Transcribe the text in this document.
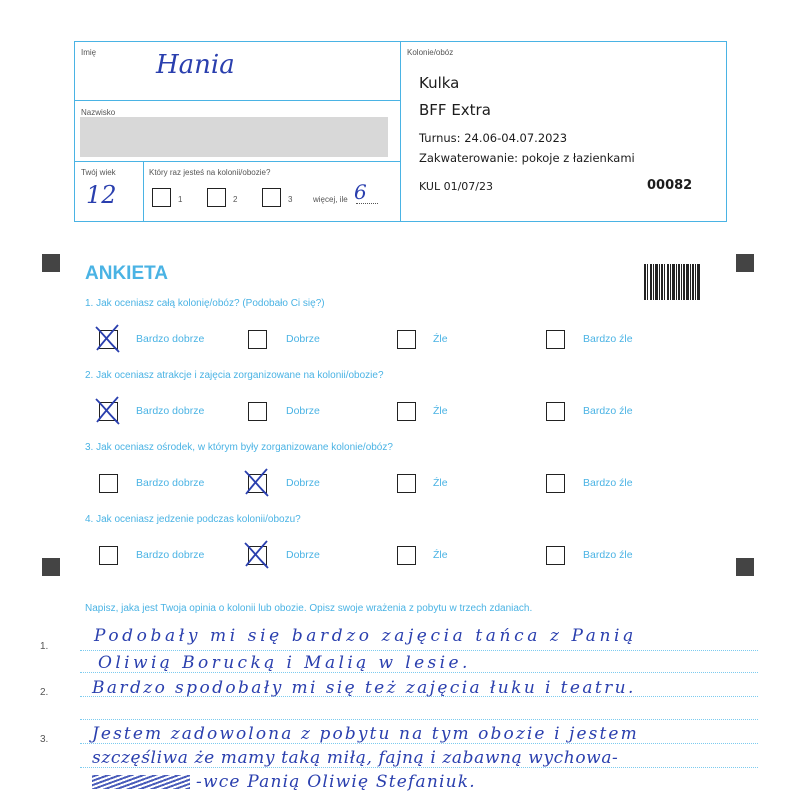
Imię Hania
Nazwisko
Twój wiek
12
Który raz jesteś na kolonii/obozie?
1	2	3	więcej, ile 6
Kolonie/obóz
Kulka
BFF Extra
Turnus: 24.06-04.07.2023
Zakwaterowanie: pokoje z łazienkami
KUL 01/07/23	00082
ANKIETA
1. Jak oceniasz całą kolonię/obóz? (Podobało Ci się?)
Bardzo dobrze	Dobrze	Źle	Bardzo źle
2. Jak oceniasz atrakcje i zajęcia zorganizowane na kolonii/obozie?
Bardzo dobrze	Dobrze	Źle	Bardzo źle
3. Jak oceniasz ośrodek, w którym były zorganizowane kolonie/obóz?
Bardzo dobrze	Dobrze	Źle	Bardzo źle
4. Jak oceniasz jedzenie podczas kolonii/obozu?
Bardzo dobrze	Dobrze	Źle	Bardzo źle
Napisz, jaka jest Twoja opinia o kolonii lub obozie. Opisz swoje wrażenia z pobytu w trzech zdaniach.
1.
2.
3.
Podobały mi się bardzo zajęcia tańca z Panią
Oliwią Borucką i Malią w lesie.
Bardzo spodobały mi się też zajęcia łuku i teatru.
Jestem zadowolona z pobytu na tym obozie i jestem
szczęśliwa że mamy taką miłą, fajną i zabawną wychowa-
-wce Panią Oliwię Stefaniuk.
